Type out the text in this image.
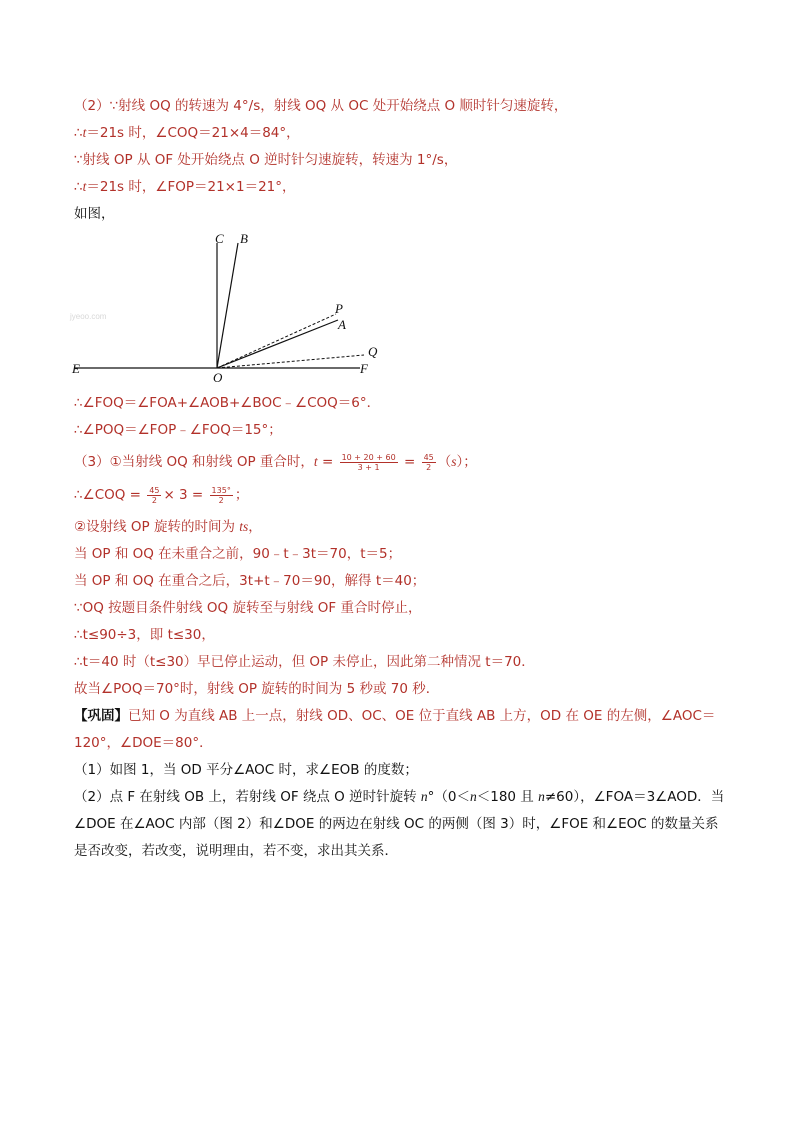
（2）∵射线 OQ 的转速为 4°/s，射线 OQ 从 OC 处开始绕点 O 顺时针匀速旋转，
∴t＝21s 时，∠COQ＝21×4＝84°，
∵射线 OP 从 OF 处开始绕点 O 逆时针匀速旋转，转速为 1°/s，
∴t＝21s 时，∠FOP＝21×1＝21°，
如图，
jyeoo.com
C B
P
A
Q
E
O
F
∴∠FOQ＝∠FOA+∠AOB+∠BOC﹣∠COQ＝6°．
∴∠POQ＝∠FOP﹣∠FOQ＝15°；
（3）①当射线 OQ 和射线 OP 重合时，$t = \frac{10 + 20 + 60}{3 + 1} = \frac{45}{2} (s)$；
∴∠COQ = $\frac{45}{2} \times 3 = \frac{135^\circ}{2}$ ；
②设射线 OP 旋转的时间为 ts，
当 OP 和 OQ 在未重合之前，90﹣t﹣3t＝70，t＝5；
当 OP 和 OQ 在重合之后，3t+t﹣70＝90，解得 t＝40；
∵OQ 按题目条件射线 OQ 旋转至与射线 OF 重合时停止，
∴t≤90÷3，即 t≤30，
∴t＝40 时（t≤30）早已停止运动，但 OP 未停止，因此第二种情况 t＝70．
故当∠POQ＝70°时，射线 OP 旋转的时间为 5 秒或 70 秒．
【巩固】已知 O 为直线 AB 上一点，射线 OD、OC、OE 位于直线 AB 上方，OD 在 OE 的左侧，∠AOC＝
120°，∠DOE＝80°．
（1）如图 1，当 OD 平分∠AOC 时，求∠EOB 的度数；
（2）点 F 在射线 OB 上，若射线 OF 绕点 O 逆时针旋转 n°（0＜n＜180 且 n≠60），∠FOA＝3∠AOD．当
∠DOE 在∠AOC 内部（图 2）和∠DOE 的两边在射线 OC 的两侧（图 3）时，∠FOE 和∠EOC 的数量关系
是否改变，若改变，说明理由，若不变，求出其关系．
